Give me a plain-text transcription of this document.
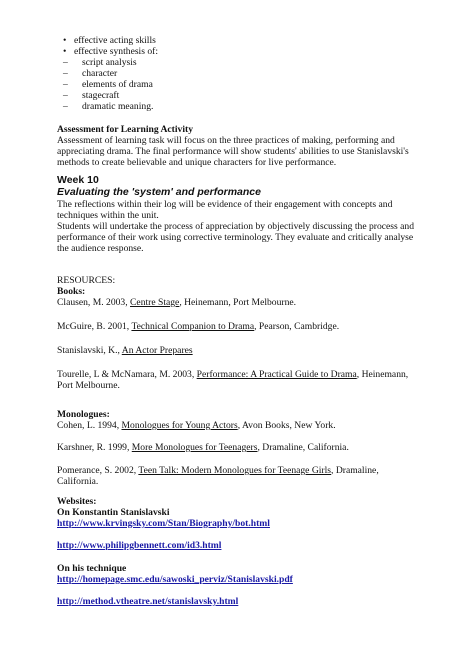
• effective acting skills
• effective synthesis of:
– script analysis
– character
– elements of drama
– stagecraft
– dramatic meaning.
Assessment for Learning Activity
Assessment of learning task will focus on the three practices of making, performing and
appreciating drama. The final performance will show students' abilities to use Stanislavski's
methods to create believable and unique characters for live performance.
Week 10
Evaluating the 'system' and performance
The reflections within their log will be evidence of their engagement with concepts and
techniques within the unit.
Students will undertake the process of appreciation by objectively discussing the process and
performance of their work using corrective terminology. They evaluate and critically analyse
the audience response.
RESOURCES:
Books:
Clausen, M. 2003, Centre Stage, Heinemann, Port Melbourne.
McGuire, B. 2001, Technical Companion to Drama, Pearson, Cambridge.
Stanislavski, K., An Actor Prepares
Tourelle, L & McNamara, M. 2003, Performance: A Practical Guide to Drama, Heinemann,
Port Melbourne.
Monologues:
Cohen, L. 1994, Monologues for Young Actors, Avon Books, New York.
Karshner, R. 1999, More Monologues for Teenagers, Dramaline, California.
Pomerance, S. 2002, Teen Talk: Modern Monologues for Teenage Girls, Dramaline,
California.
Websites:
On Konstantin Stanislavski
http://www.krvingsky.com/Stan/Biography/bot.html
http://www.philipgbennett.com/id3.html
On his technique
http://homepage.smc.edu/sawoski_perviz/Stanislavski.pdf
http://method.vtheatre.net/stanislavsky.html
